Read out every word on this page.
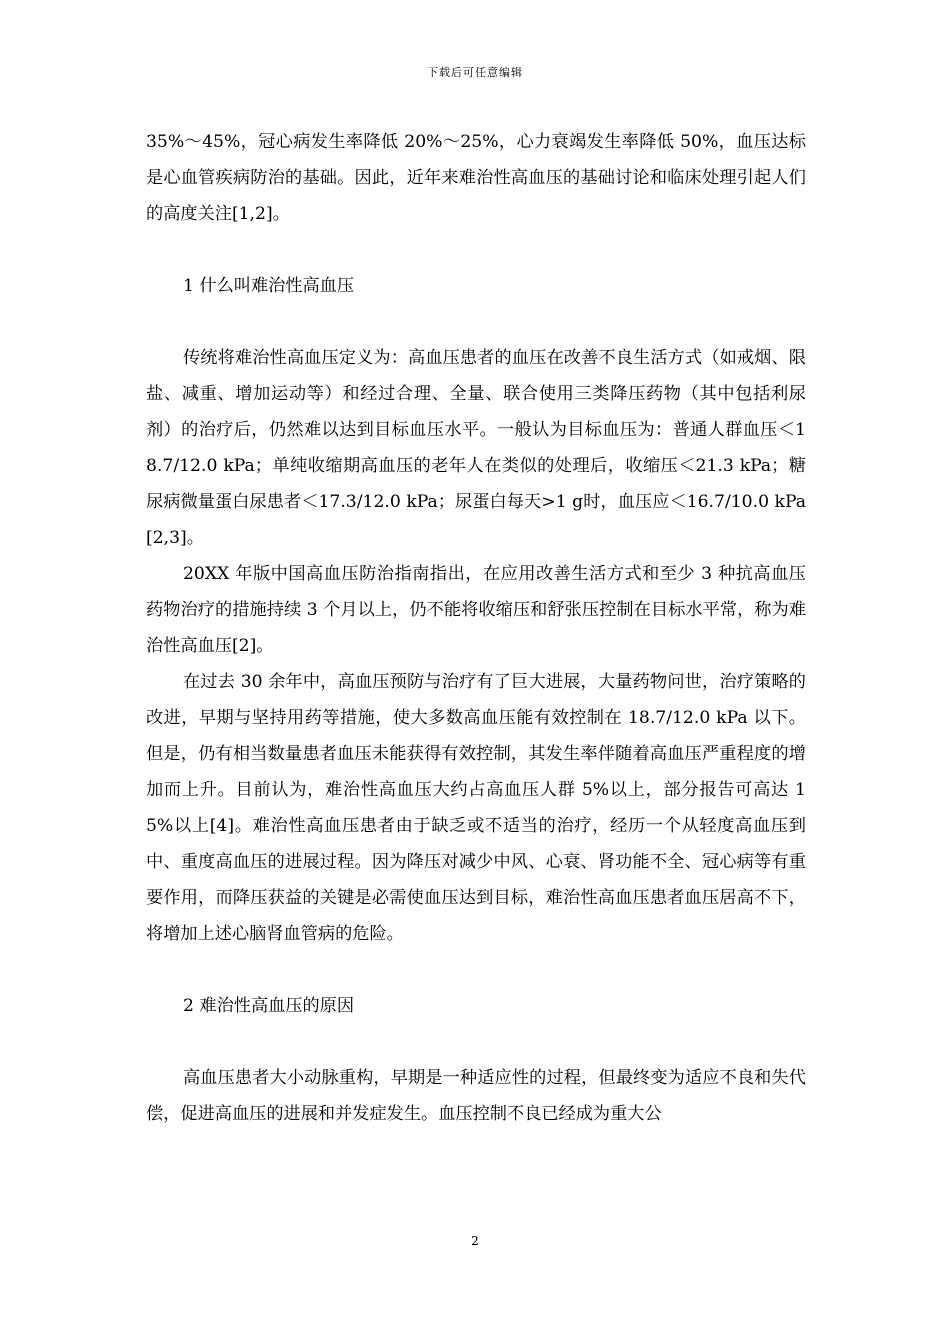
下载后可任意编辑

35%～45%，冠心病发生率降低 20%～25%，心力衰竭发生率降低 50%，血压达标是心血管疾病防治的基础。因此，近年来难治性高血压的基础讨论和临床处理引起人们的高度关注[1,2]。

1 什么叫难治性高血压

传统将难治性高血压定义为：高血压患者的血压在改善不良生活方式（如戒烟、限盐、减重、增加运动等）和经过合理、全量、联合使用三类降压药物（其中包括利尿剂）的治疗后，仍然难以达到目标血压水平。一般认为目标血压为：普通人群血压＜18.7/12.0 kPa；单纯收缩期高血压的老年人在类似的处理后，收缩压＜21.3 kPa；糖尿病微量蛋白尿患者＜17.3/12.0 kPa；尿蛋白每天>1 g时，血压应＜16.7/10.0 kPa [2,3]。

20XX 年版中国高血压防治指南指出，在应用改善生活方式和至少 3 种抗高血压药物治疗的措施持续 3 个月以上，仍不能将收缩压和舒张压控制在目标水平常，称为难治性高血压[2]。

在过去 30 余年中，高血压预防与治疗有了巨大进展，大量药物问世，治疗策略的改进，早期与坚持用药等措施，使大多数高血压能有效控制在 18.7/12.0 kPa 以下。但是，仍有相当数量患者血压未能获得有效控制，其发生率伴随着高血压严重程度的增加而上升。目前认为，难治性高血压大约占高血压人群 5%以上，部分报告可高达 15%以上[4]。难治性高血压患者由于缺乏或不适当的治疗，经历一个从轻度高血压到中、重度高血压的进展过程。因为降压对减少中风、心衰、肾功能不全、冠心病等有重要作用，而降压获益的关键是必需使血压达到目标，难治性高血压患者血压居高不下，将增加上述心脑肾血管病的危险。

2 难治性高血压的原因

高血压患者大小动脉重构，早期是一种适应性的过程，但最终变为适应不良和失代偿，促进高血压的进展和并发症发生。血压控制不良已经成为重大公

2
